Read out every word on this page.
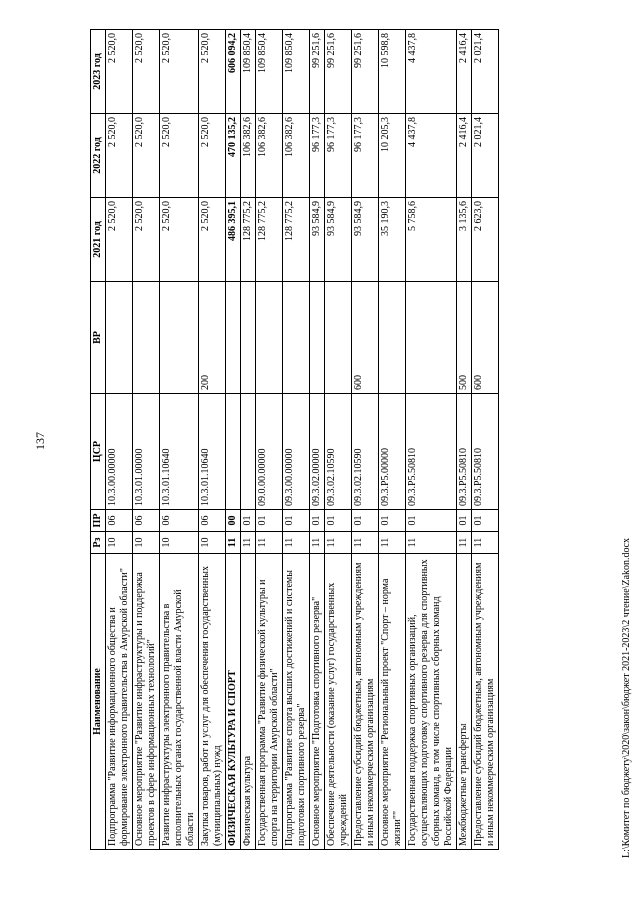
137
Наименование	Рз	ПР	ЦСР	ВР	2021 год	2022 год	2023 год
Подпрограмма "Развитие информационного общества и формирование электронного правительства в Амурской области"	10	06	10.3.00.00000		2 520,0	2 520,0	2 520,0
Основное мероприятие "Развитие инфраструктуры и поддержка проектов в сфере информационных технологий"	10	06	10.3.01.00000		2 520,0	2 520,0	2 520,0
Развитие инфраструктуры электронного правительства в исполнительных органах государственной власти Амурской области	10	06	10.3.01.10640		2 520,0	2 520,0	2 520,0
Закупка товаров, работ и услуг для обеспечения государственных (муниципальных) нужд	10	06	10.3.01.10640	200	2 520,0	2 520,0	2 520,0
ФИЗИЧЕСКАЯ КУЛЬТУРА И СПОРТ	11	00			486 395,1	470 135,2	606 094,2
Физическая культура	11	01			128 775,2	106 382,6	109 850,4
Государственная программа "Развитие физической культуры и спорта на территории Амурской области"	11	01	09.0.00.00000		128 775,2	106 382,6	109 850,4
Подпрограмма "Развитие спорта высших достижений и системы подготовки спортивного резерва"	11	01	09.3.00.00000		128 775,2	106 382,6	109 850,4
Основное мероприятие "Подготовка спортивного резерва"	11	01	09.3.02.00000		93 584,9	96 177,3	99 251,6
Обеспечение деятельности (оказание услуг) государственных учреждений	11	01	09.3.02.10590		93 584,9	96 177,3	99 251,6
Предоставление субсидий бюджетным, автономным учреждениям и иным некоммерческим организациям	11	01	09.3.02.10590	600	93 584,9	96 177,3	99 251,6
Основное мероприятие "Региональный проект "Спорт – норма жизни""	11	01	09.3.P5.00000		35 190,3	10 205,3	10 598,8
Государственная поддержка спортивных организаций, осуществляющих подготовку спортивного резерва для спортивных сборных команд, в том числе спортивных сборных команд Российской Федерации	11	01	09.3.P5.50810		5 758,6	4 437,8	4 437,8
Межбюджетные трансферты	11	01	09.3.P5.50810	500	3 135,6	2 416,4	2 416,4
Предоставление субсидий бюджетным, автономным учреждениям и иным некоммерческим организациям	11	01	09.3.P5.50810	600	2 623,0	2 021,4	2 021,4
L:\Комитет по бюджету\2020\закон\бюджет 2021-2023\2 чтение\Zakon.docx
